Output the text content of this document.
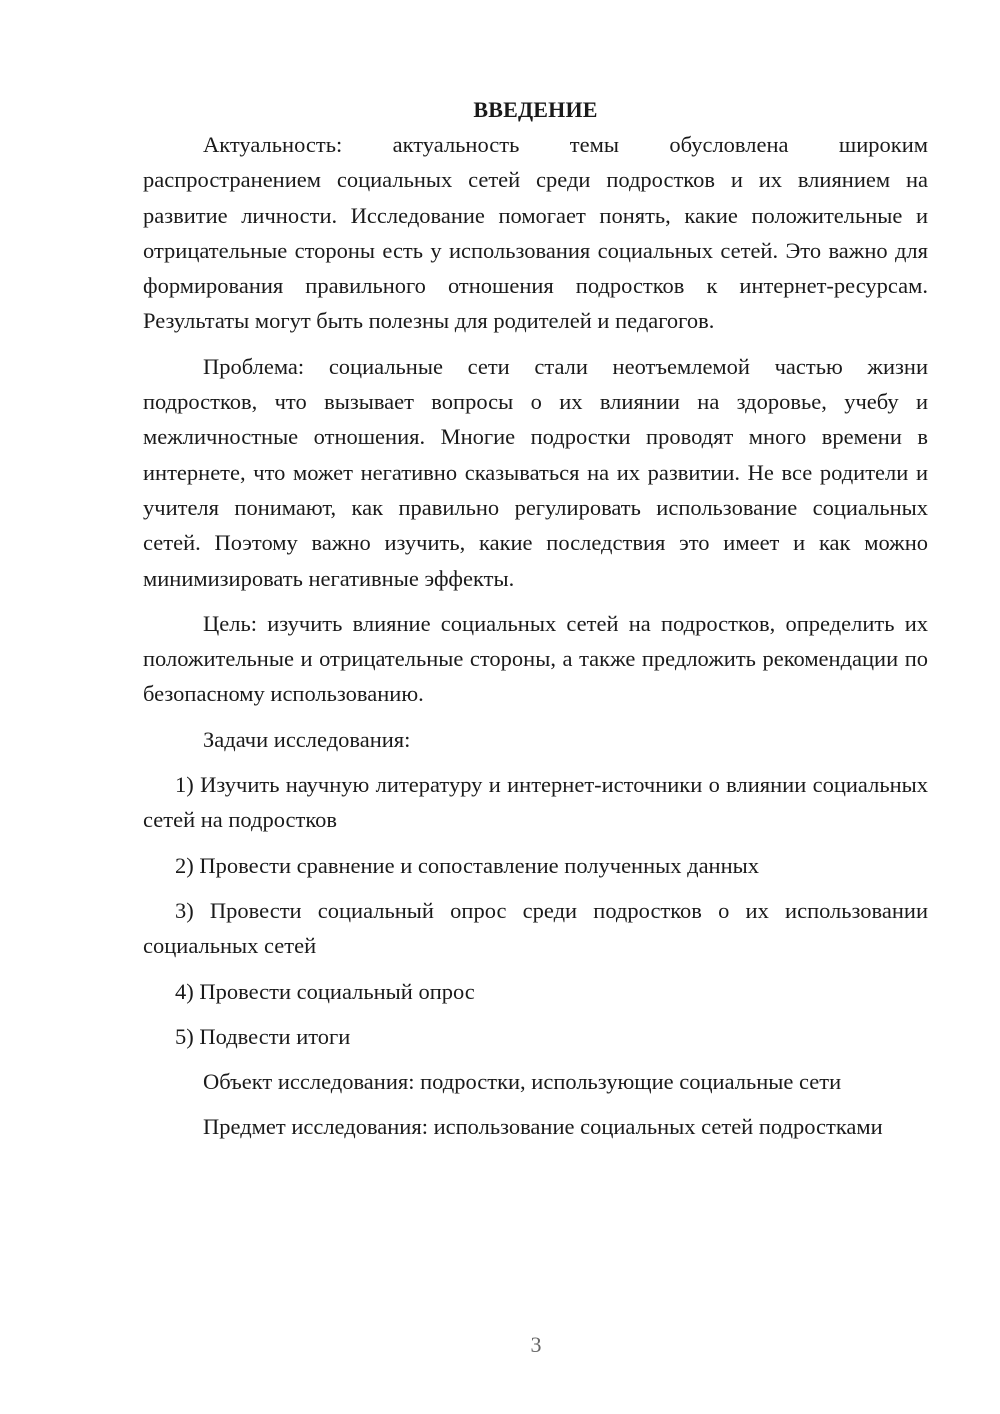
ВВЕДЕНИЕ

Актуальность: актуальность темы обусловлена широким распространением социальных сетей среди подростков и их влиянием на развитие личности. Исследование помогает понять, какие положительные и отрицательные стороны есть у использования социальных сетей. Это важно для формирования правильного отношения подростков к интернет-ресурсам. Результаты могут быть полезны для родителей и педагогов.

Проблема: социальные сети стали неотъемлемой частью жизни подростков, что вызывает вопросы о их влиянии на здоровье, учебу и межличностные отношения. Многие подростки проводят много времени в интернете, что может негативно сказываться на их развитии. Не все родители и учителя понимают, как правильно регулировать использование социальных сетей. Поэтому важно изучить, какие последствия это имеет и как можно минимизировать негативные эффекты.

Цель: изучить влияние социальных сетей на подростков, определить их положительные и отрицательные стороны, а также предложить рекомендации по безопасному использованию.

Задачи исследования:

1) Изучить научную литературу и интернет-источники о влиянии социальных сетей на подростков

2) Провести сравнение и сопоставление полученных данных

3) Провести социальный опрос среди подростков о их использовании социальных сетей

4) Провести социальный опрос

5) Подвести итоги

Объект исследования: подростки, использующие социальные сети

Предмет исследования: использование социальных сетей подростками

3
